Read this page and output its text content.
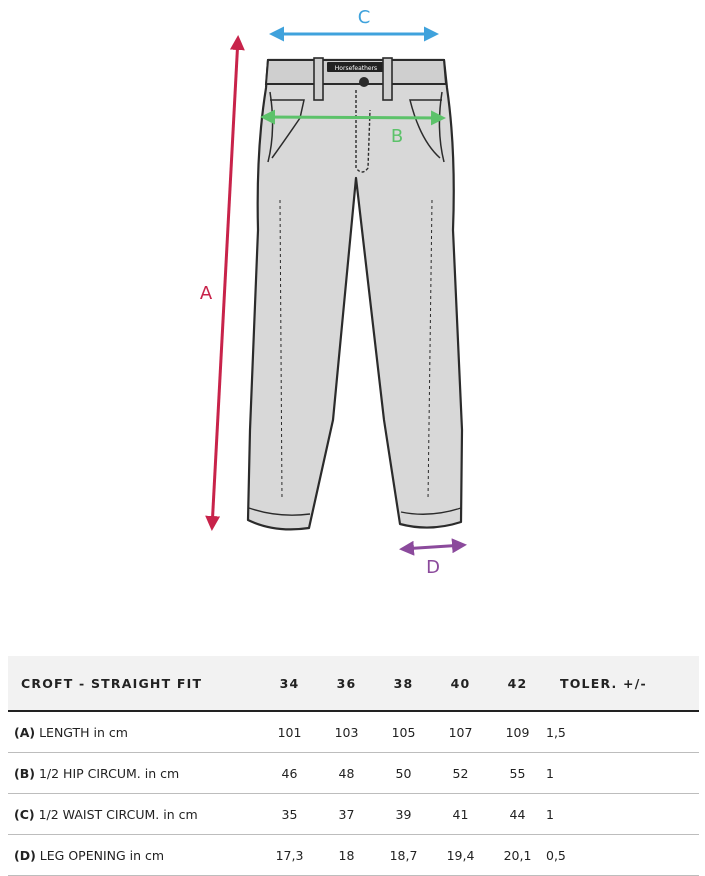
Horsefeathers
A
C
B
D
CROFT - STRAIGHT FIT	34	36	38	40	42	TOLER. +/-
(A) LENGTH in cm	101	103	105	107	109	1,5
(B) 1/2 HIP CIRCUM. in cm	46	48	50	52	55	1
(C) 1/2 WAIST CIRCUM. in cm	35	37	39	41	44	1
(D) LEG OPENING in cm	17,3	18	18,7	19,4	20,1	0,5
